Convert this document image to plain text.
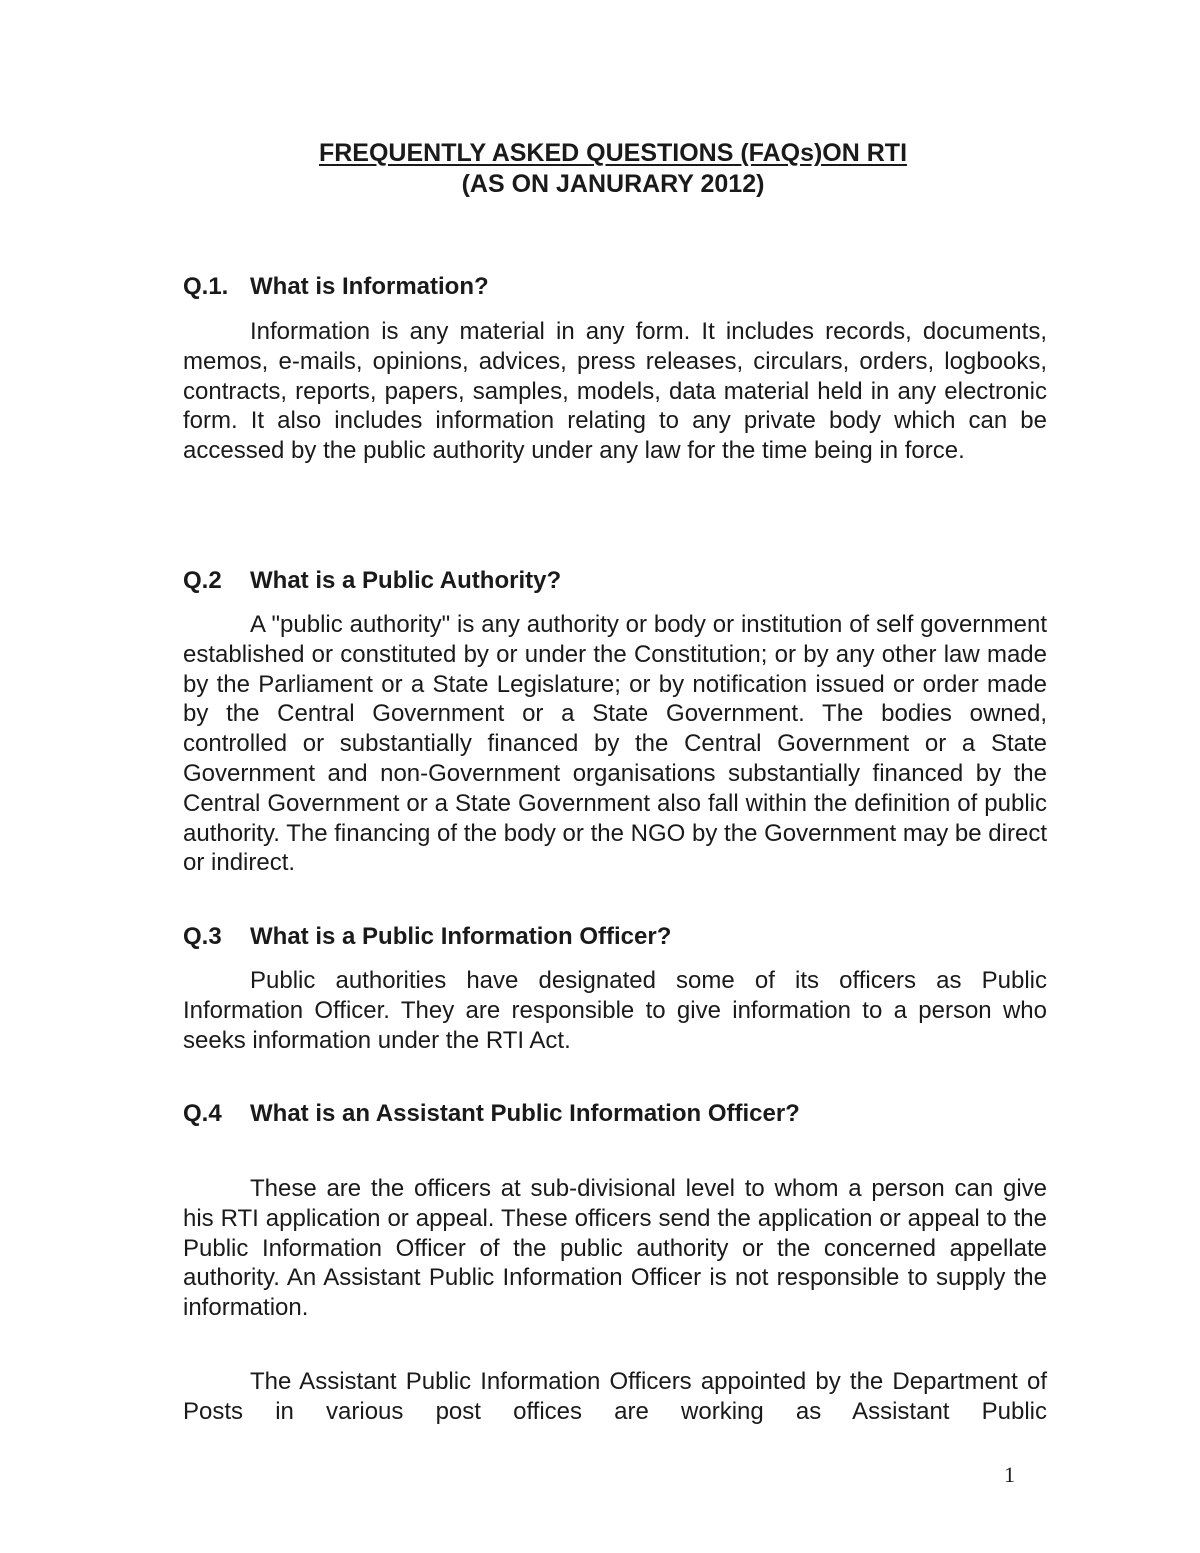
FREQUENTLY ASKED QUESTIONS (FAQs)ON RTI
(AS ON JANURARY 2012)
Q.1. What is Information?
Information is any material in any form. It includes records, documents, memos, e-mails, opinions, advices, press releases, circulars, orders, logbooks, contracts, reports, papers, samples, models, data material held in any electronic form. It also includes information relating to any private body which can be accessed by the public authority under any law for the time being in force.
Q.2 What is a Public Authority?
A "public authority" is any authority or body or institution of self government established or constituted by or under the Constitution; or by any other law made by the Parliament or a State Legislature; or by notification issued or order made by the Central Government or a State Government. The bodies owned, controlled or substantially financed by the Central Government or a State Government and non-Government organisations substantially financed by the Central Government or a State Government also fall within the definition of public authority. The financing of the body or the NGO by the Government may be direct or indirect.
Q.3 What is a Public Information Officer?
Public authorities have designated some of its officers as Public Information Officer. They are responsible to give information to a person who seeks information under the RTI Act.
Q.4 What is an Assistant Public Information Officer?
These are the officers at sub-divisional level to whom a person can give his RTI application or appeal. These officers send the application or appeal to the Public Information Officer of the public authority or the concerned appellate authority. An Assistant Public Information Officer is not responsible to supply the information.
The Assistant Public Information Officers appointed by the Department of Posts in various post offices are working as Assistant Public
1
